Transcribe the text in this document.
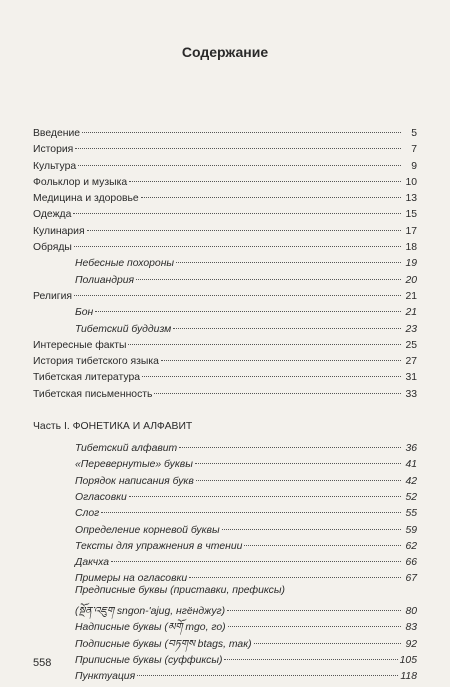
Содержание
Введение	5
История	7
Культура	9
Фольклор и музыка	10
Медицина и здоровье	13
Одежда	15
Кулинария	17
Обряды	18
Небесные похороны	19
Полиандрия	20
Религия	21
Бон	21
Тибетский буддизм	23
Интересные факты	25
История тибетского языка	27
Тибетская литература	31
Тибетская письменность	33
Часть I. ФОНЕТИКА И АЛФАВИТ
Тибетский алфавит	36
«Перевернутые» буквы	41
Порядок написания букв	42
Огласовки	52
Слог	55
Определение корневой буквы	59
Тексты для упражнения в чтении	62
Дакчха	66
Примеры на огласовки	67
Предписные буквы (приставки, префиксы)
(སྔོན་འཇུག sngon-'ajug, нгёнджуг)	80
Надписные буквы (མགོ mgo, го)	83
Подписные буквы (བཏགས btags, так)	92
Приписные буквы (суффиксы)	105
Пунктуация	118
558
